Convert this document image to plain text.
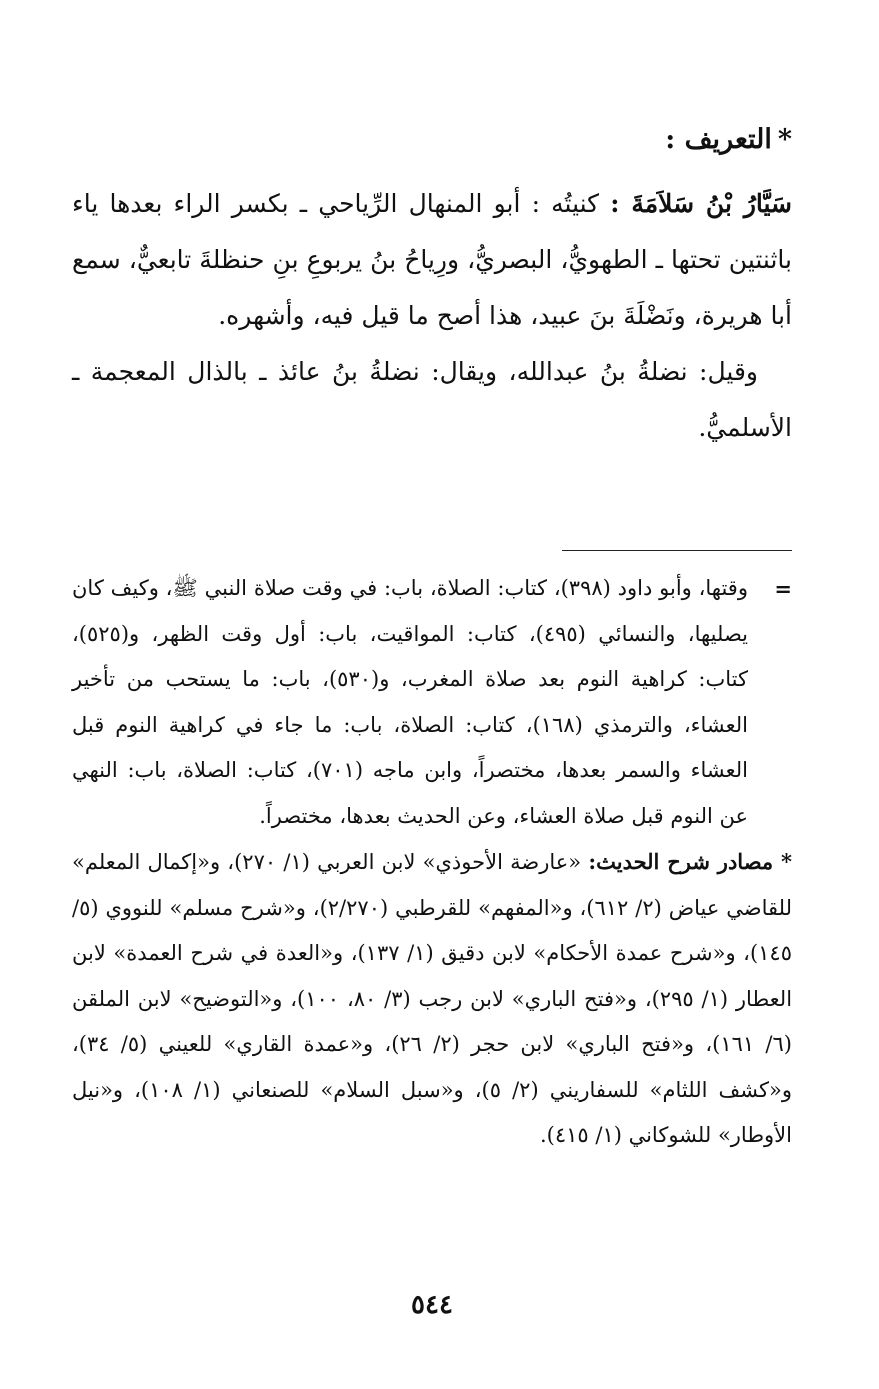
*التعريف :

سَيَّارُ بْنُ سَلاَمَةَ : كنيتُه : أبو المنهال الرِّياحي ـ بكسر الراء بعدها ياء باثنتين تحتها ـ الطهويُّ، البصريُّ، ورِياحُ بنُ يربوعِ بنِ حنظلةَ تابعيٌّ، سمع أبا هريرة، ونَضْلَةَ بنَ عبيد، هذا أصح ما قيل فيه، وأشهره.

وقيل: نضلةُ بنُ عبدالله، ويقال: نضلةُ بنُ عائذ ـ بالذال المعجمة ـ الأسلميُّ.

=
وقتها، وأبو داود (٣٩٨)، كتاب: الصلاة، باب: في وقت صلاة النبي ﷺ، وكيف كان يصليها، والنسائي (٤٩٥)، كتاب: المواقيت، باب: أول وقت الظهر، و(٥٢٥)، كتاب: كراهية النوم بعد صلاة المغرب، و(٥٣٠)، باب: ما يستحب من تأخير العشاء، والترمذي (١٦٨)، كتاب: الصلاة، باب: ما جاء في كراهية النوم قبل العشاء والسمر بعدها، مختصراً، وابن ماجه (٧٠١)، كتاب: الصلاة، باب: النهي عن النوم قبل صلاة العشاء، وعن الحديث بعدها، مختصراً.

* مصادر شرح الحديث: «عارضة الأحوذي» لابن العربي (١/ ٢٧٠)، و«إكمال المعلم» للقاضي عياض (٢/ ٦١٢)، و«المفهم» للقرطبي (٢/٢٧٠)، و«شرح مسلم» للنووي (٥/ ١٤٥)، و«شرح عمدة الأحكام» لابن دقيق (١/ ١٣٧)، و«العدة في شرح العمدة» لابن العطار (١/ ٢٩٥)، و«فتح الباري» لابن رجب (٣/ ٨٠، ١٠٠)، و«التوضيح» لابن الملقن (٦/ ١٦١)، و«فتح الباري» لابن حجر (٢/ ٢٦)، و«عمدة القاري» للعيني (٥/ ٣٤)، و«كشف اللثام» للسفاريني (٢/ ٥)، و«سبل السلام» للصنعاني (١/ ١٠٨)، و«نيل الأوطار» للشوكاني (١/ ٤١٥).

٥٤٤
